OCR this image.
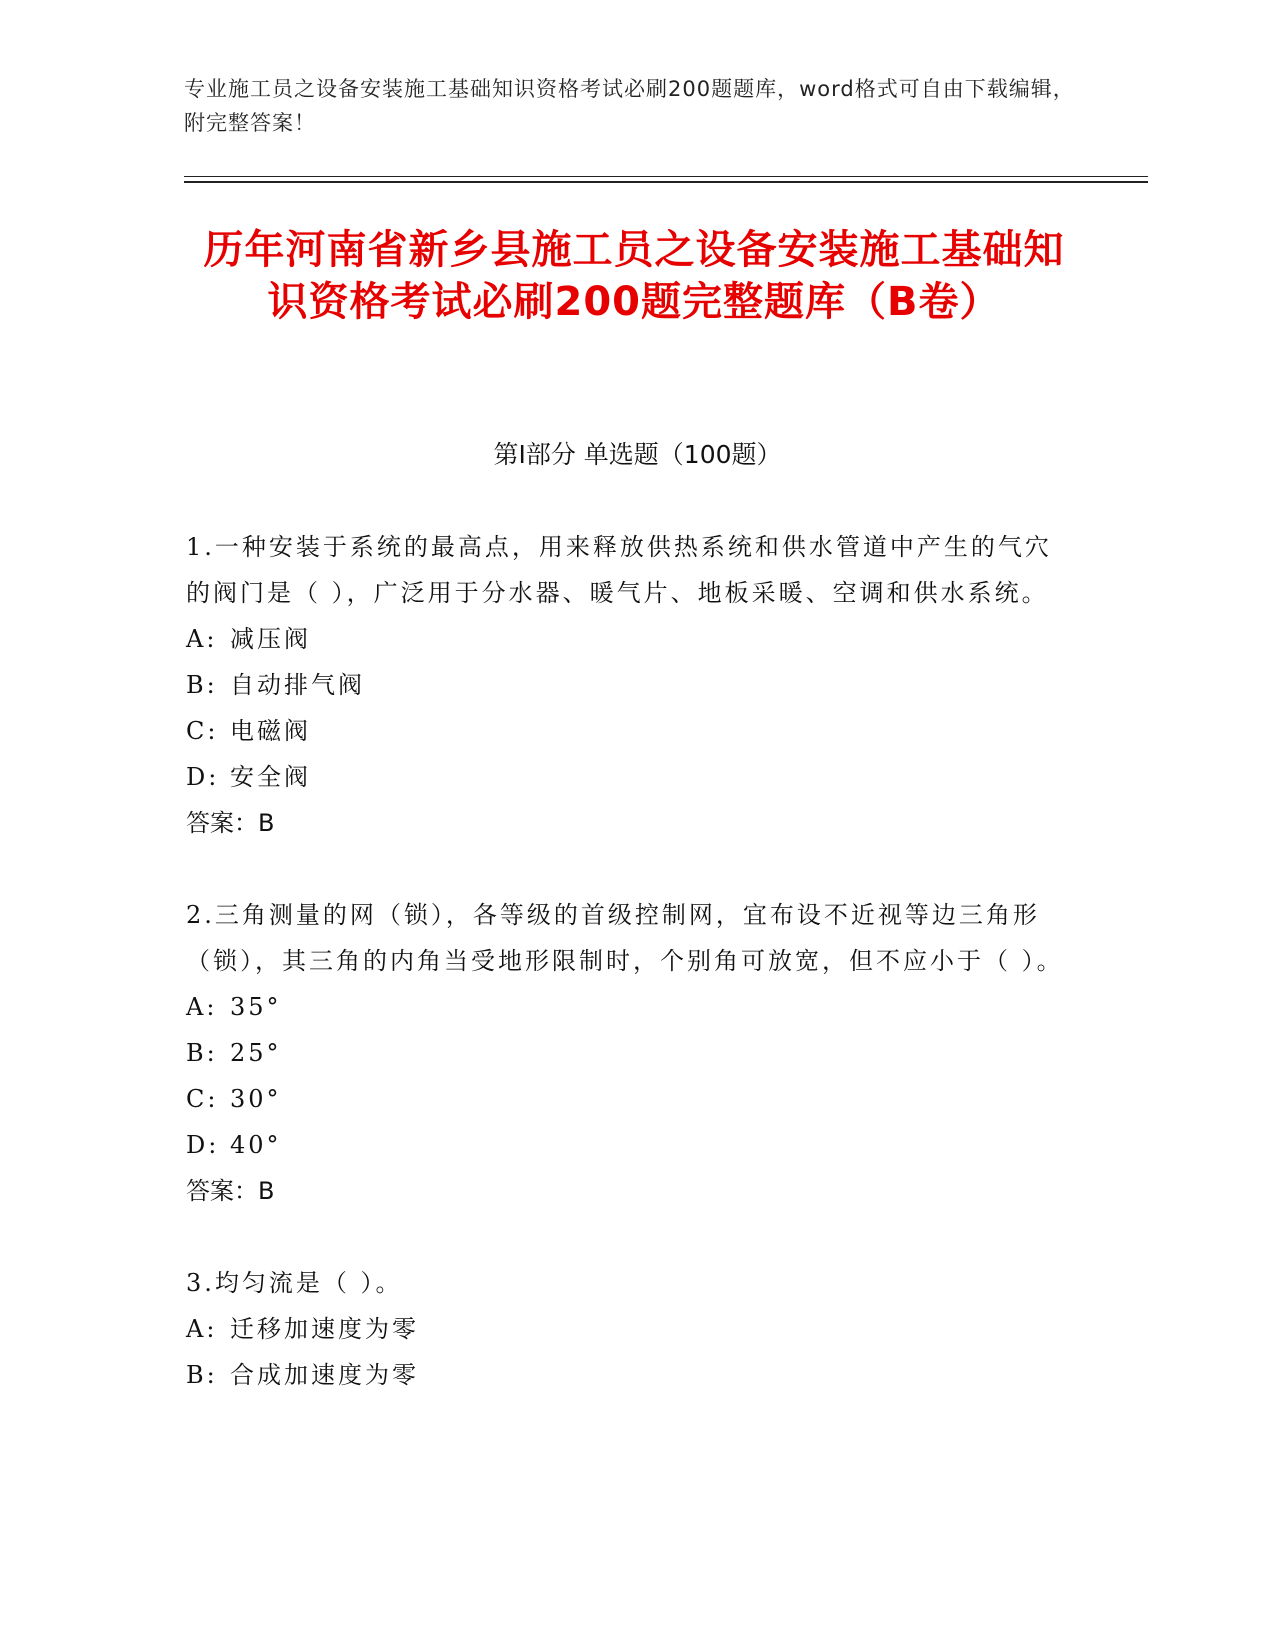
专业施工员之设备安装施工基础知识资格考试必刷200题题库，word格式可自由下载编辑，附完整答案！
历年河南省新乡县施工员之设备安装施工基础知识资格考试必刷200题完整题库（B卷）
第Ⅰ部分 单选题（100题）
1.一种安装于系统的最高点，用来释放供热系统和供水管道中产生的气穴的阀门是（ ），广泛用于分水器、暖气片、地板采暖、空调和供水系统。
A: 减压阀
B: 自动排气阀
C: 电磁阀
D: 安全阀
答案：B
2.三角测量的网（锁），各等级的首级控制网，宜布设不近视等边三角形（锁），其三角的内角当受地形限制时，个别角可放宽，但不应小于（ ）。
A: 35°
B: 25°
C: 30°
D: 40°
答案：B
3.均匀流是（ ）。
A: 迁移加速度为零
B: 合成加速度为零
